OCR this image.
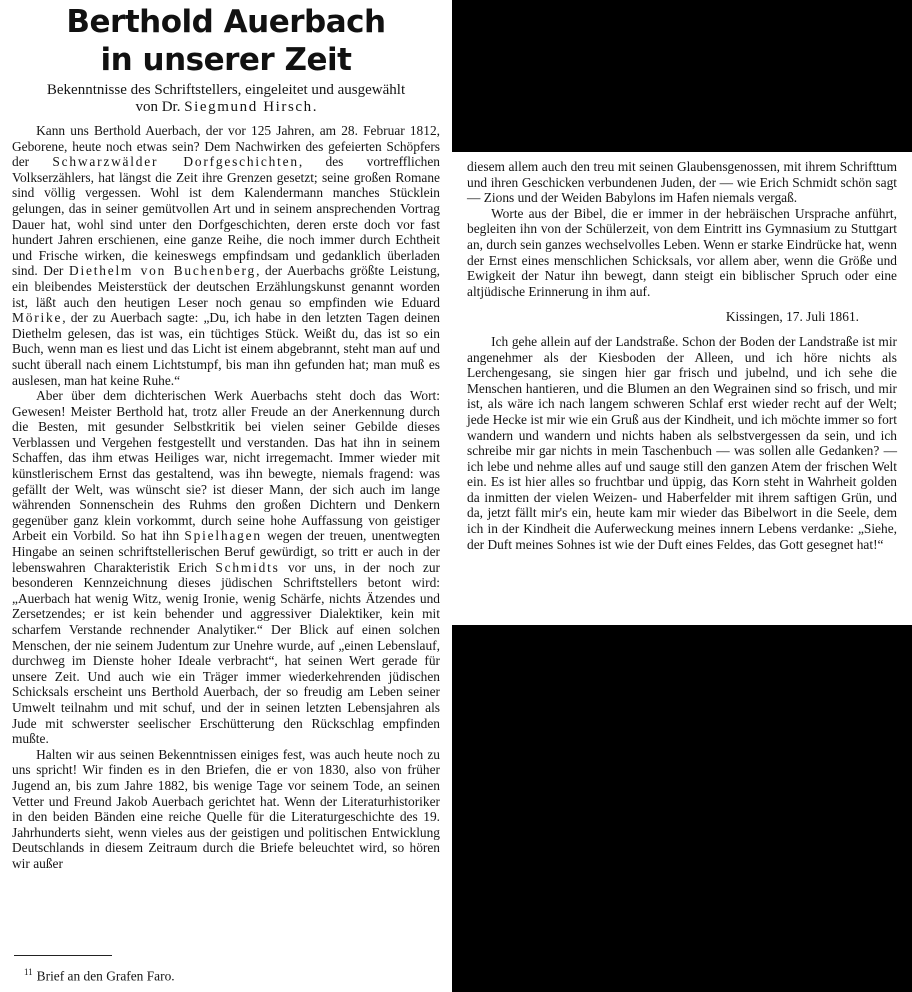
Berthold Auerbach
in unserer Zeit

Bekenntnisse des Schriftstellers, eingeleitet und ausgewählt

von Dr. Siegmund Hirsch.

Kann uns Berthold Auerbach, der vor 125 Jahren, am 28. Februar 1812, Geborene, heute noch etwas sein? Dem Nachwirken des gefeierten Schöpfers der Schwarzwälder Dorfgeschichten, des vortrefflichen Volkserzählers, hat längst die Zeit ihre Grenzen gesetzt; seine großen Romane sind völlig vergessen. Wohl ist dem Kalendermann manches Stücklein gelungen, das in seiner gemütvollen Art und in seinem ansprechenden Vortrag Dauer hat, wohl sind unter den Dorfgeschichten, deren erste doch vor fast hundert Jahren erschienen, eine ganze Reihe, die noch immer durch Echtheit und Frische wirken, die keineswegs empfindsam und gedanklich überladen sind. Der Diethelm von Buchenberg, der Auerbachs größte Leistung, ein bleibendes Meisterstück der deutschen Erzählungskunst genannt worden ist, läßt auch den heutigen Leser noch genau so empfinden wie Eduard Mörike, der zu Auerbach sagte: „Du, ich habe in den letzten Tagen deinen Diethelm gelesen, das ist was, ein tüchtiges Stück. Weißt du, das ist so ein Buch, wenn man es liest und das Licht ist einem abgebrannt, steht man auf und sucht überall nach einem Lichtstumpf, bis man ihn gefunden hat; man muß es auslesen, man hat keine Ruhe.“

Aber über dem dichterischen Werk Auerbachs steht doch das Wort: Gewesen! Meister Berthold hat, trotz aller Freude an der Anerkennung durch die Besten, mit gesunder Selbstkritik bei vielen seiner Gebilde dieses Verblassen und Vergehen festgestellt und verstanden. Das hat ihn in seinem Schaffen, das ihm etwas Heiliges war, nicht irregemacht. Immer wieder mit künstlerischem Ernst das gestaltend, was ihn bewegte, niemals fragend: was gefällt der Welt, was wünscht sie? ist dieser Mann, der sich auch im lange währenden Sonnenschein des Ruhms den großen Dichtern und Denkern gegenüber ganz klein vorkommt, durch seine hohe Auffassung von geistiger Arbeit ein Vorbild. So hat ihn Spielhagen wegen der treuen, unentwegten Hingabe an seinen schriftstellerischen Beruf gewürdigt, so tritt er auch in der lebenswahren Charakteristik Erich Schmidts vor uns, in der noch zur besonderen Kennzeichnung dieses jüdischen Schriftstellers betont wird: „Auerbach hat wenig Witz, wenig Ironie, wenig Schärfe, nichts Ätzendes und Zersetzendes; er ist kein behender und aggressiver Dialektiker, kein mit scharfem Verstande rechnender Analytiker.“ Der Blick auf einen solchen Menschen, der nie seinem Judentum zur Unehre wurde, auf „einen Lebenslauf, durchweg im Dienste hoher Ideale verbracht“, hat seinen Wert gerade für unsere Zeit. Und auch wie ein Träger immer wiederkehrenden jüdischen Schicksals erscheint uns Berthold Auerbach, der so freudig am Leben seiner Umwelt teilnahm und mit schuf, und der in seinen letzten Lebensjahren als Jude mit schwerster seelischer Erschütterung den Rückschlag empfinden mußte.

Halten wir aus seinen Bekenntnissen einiges fest, was auch heute noch zu uns spricht! Wir finden es in den Briefen, die er von 1830, also von früher Jugend an, bis zum Jahre 1882, bis wenige Tage vor seinem Tode, an seinen Vetter und Freund Jakob Auerbach gerichtet hat. Wenn der Literaturhistoriker in den beiden Bänden eine reiche Quelle für die Literaturgeschichte des 19. Jahrhunderts sieht, wenn vieles aus der geistigen und politischen Entwicklung Deutschlands in diesem Zeitraum durch die Briefe beleuchtet wird, so hören wir außer

$^{11}$ Brief an den Grafen Faro.

diesem allem auch den treu mit seinen Glaubensgenossen, mit ihrem Schrifttum und ihren Geschicken verbundenen Juden, der — wie Erich Schmidt schön sagt — Zions und der Weiden Babylons im Hafen niemals vergaß.

Worte aus der Bibel, die er immer in der hebräischen Ursprache anführt, begleiten ihn von der Schülerzeit, von dem Eintritt ins Gymnasium zu Stuttgart an, durch sein ganzes wechselvolles Leben. Wenn er starke Eindrücke hat, wenn der Ernst eines menschlichen Schicksals, vor allem aber, wenn die Größe und Ewigkeit der Natur ihn bewegt, dann steigt ein biblischer Spruch oder eine altjüdische Erinnerung in ihm auf.

Kissingen, 17. Juli 1861.

Ich gehe allein auf der Landstraße. Schon der Boden der Landstraße ist mir angenehmer als der Kiesboden der Alleen, und ich höre nichts als Lerchengesang, sie singen hier gar frisch und jubelnd, und ich sehe die Menschen hantieren, und die Blumen an den Wegrainen sind so frisch, und mir ist, als wäre ich nach langem schweren Schlaf erst wieder recht auf der Welt; jede Hecke ist mir wie ein Gruß aus der Kindheit, und ich möchte immer so fort wandern und wandern und nichts haben als selbstvergessen da sein, und ich schreibe mir gar nichts in mein Taschenbuch — was sollen alle Gedanken? — ich lebe und nehme alles auf und sauge still den ganzen Atem der frischen Welt ein. Es ist hier alles so fruchtbar und üppig, das Korn steht in Wahrheit golden da inmitten der vielen Weizen- und Haberfelder mit ihrem saftigen Grün, und da, jetzt fällt mir's ein, heute kam mir wieder das Bibelwort in die Seele, dem ich in der Kindheit die Auferweckung meines innern Lebens verdanke: „Siehe, der Duft meines Sohnes ist wie der Duft eines Feldes, das Gott gesegnet hat!“
